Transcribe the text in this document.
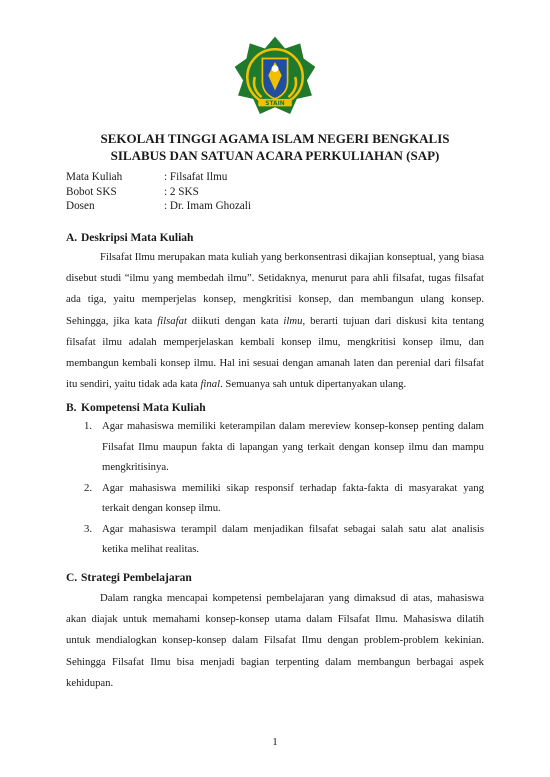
STAIN
SEKOLAH TINGGI AGAMA ISLAM NEGERI BENGKALIS
SILABUS DAN SATUAN ACARA PERKULIAHAN (SAP)
Mata Kuliah	: Filsafat Ilmu
Bobot SKS	: 2 SKS
Dosen	: Dr. Imam Ghozali
A. Deskripsi Mata Kuliah
Filsafat Ilmu merupakan mata kuliah yang berkonsentrasi dikajian konseptual, yang biasa disebut studi “ilmu yang membedah ilmu”. Setidaknya, menurut para ahli filsafat, tugas filsafat ada tiga, yaitu memperjelas konsep, mengkritisi konsep, dan membangun ulang konsep. Sehingga, jika kata filsafat diikuti dengan kata ilmu, berarti tujuan dari diskusi kita tentang filsafat ilmu adalah memperjelaskan kembali konsep ilmu, mengkritisi konsep ilmu, dan membangun kembali konsep ilmu. Hal ini sesuai dengan amanah laten dan perenial dari filsafat itu sendiri, yaitu tidak ada kata final. Semuanya sah untuk dipertanyakan ulang.
B. Kompetensi Mata Kuliah
1. Agar mahasiswa memiliki keterampilan dalam mereview konsep-konsep penting dalam Filsafat Ilmu maupun fakta di lapangan yang terkait dengan konsep ilmu dan mampu mengkritisinya.
2. Agar mahasiswa memiliki sikap responsif terhadap fakta-fakta di masyarakat yang terkait dengan konsep ilmu.
3. Agar mahasiswa terampil dalam menjadikan filsafat sebagai salah satu alat analisis ketika melihat realitas.
C. Strategi Pembelajaran
Dalam rangka mencapai kompetensi pembelajaran yang dimaksud di atas, mahasiswa akan diajak untuk memahami konsep-konsep utama dalam Filsafat Ilmu. Mahasiswa dilatih untuk mendialogkan konsep-konsep dalam Filsafat Ilmu dengan problem-problem kekinian. Sehingga Filsafat Ilmu bisa menjadi bagian terpenting dalam membangun berbagai aspek kehidupan.
1
